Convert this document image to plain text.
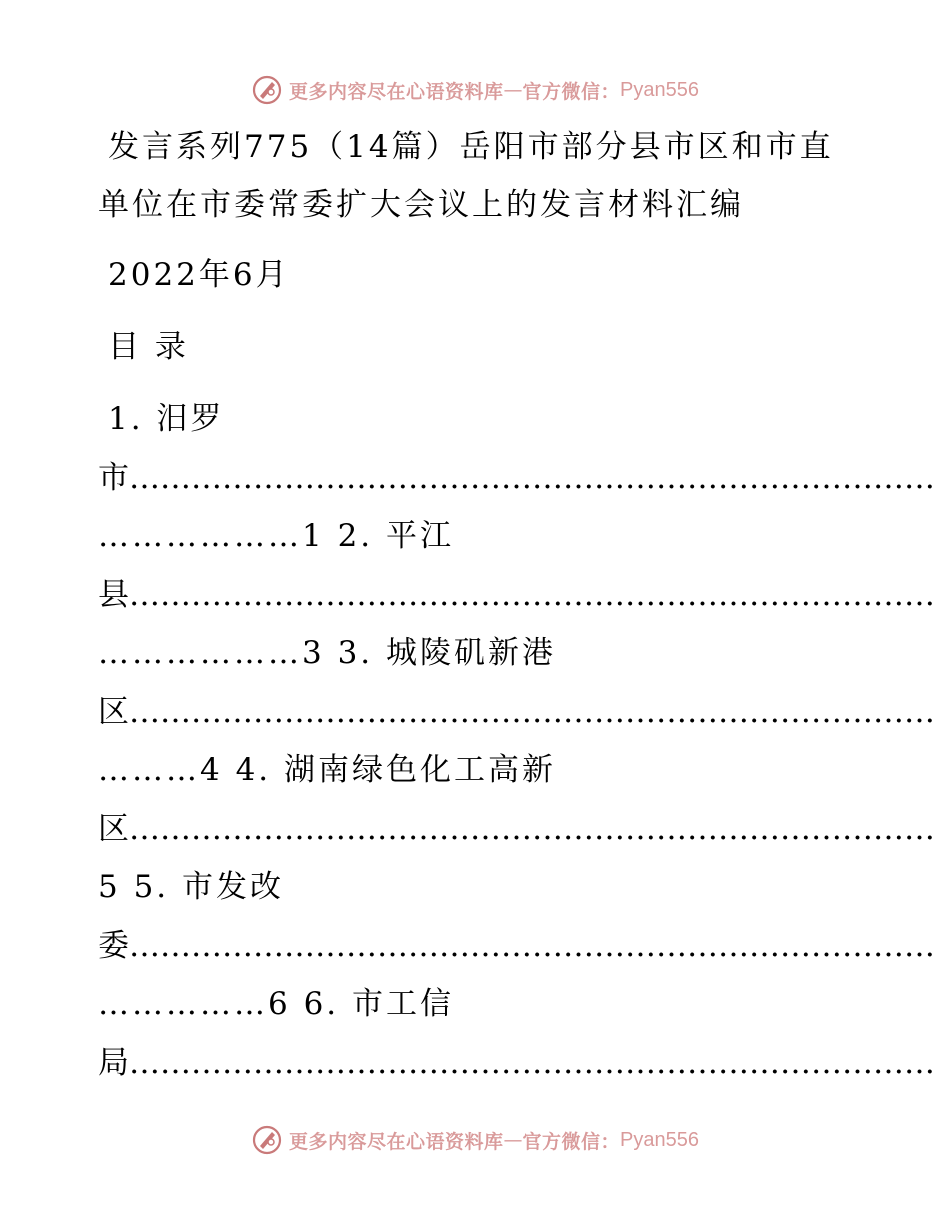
更多内容尽在心语资料库 — 官方微信： Pyan556
发言系列775（14篇）岳阳市部分县市区和市直
单位在市委常委扩大会议上的发言材料汇编
2022年6月
目 录
1. 汨罗
市……………………………………………………………………
………………1 2. 平江
县……………………………………………………………………
………………3 3. 城陵矶新港
区……………………………………………………………………
………4 4. 湖南绿色化工高新
区……………………………………………………………………
5 5. 市发改
委……………………………………………………………………
……………6 6. 市工信
局……………………………………………………………………
更多内容尽在心语资料库 — 官方微信： Pyan556
